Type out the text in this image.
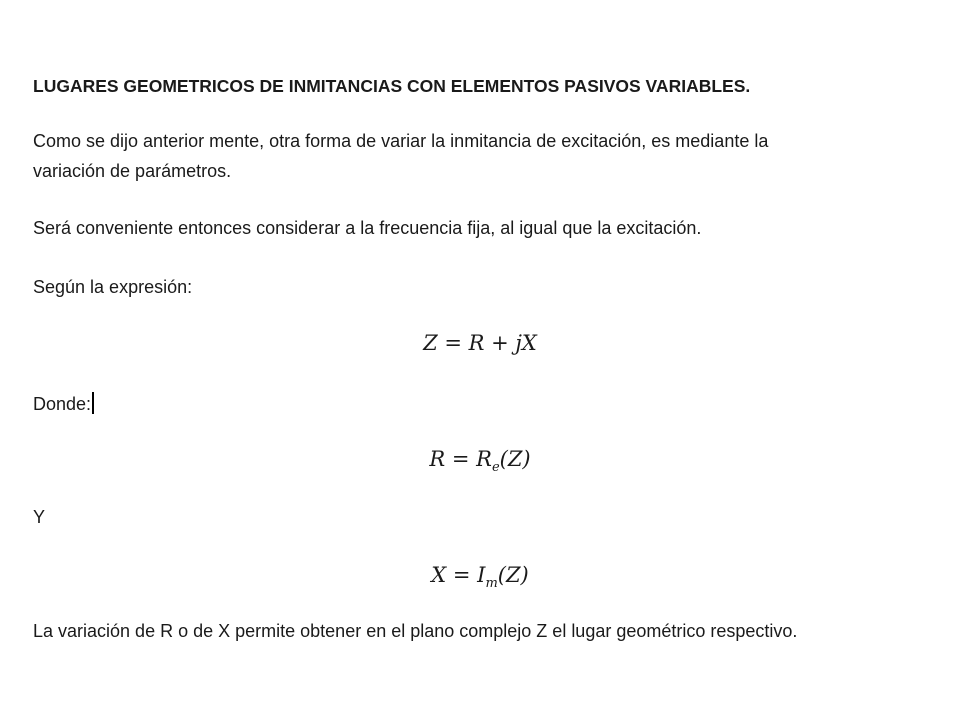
LUGARES GEOMETRICOS DE INMITANCIAS CON ELEMENTOS PASIVOS VARIABLES.
Como se dijo anterior mente, otra forma de variar la inmitancia de excitación, es mediante la
variación de parámetros.
Será conveniente entonces considerar a la frecuencia fija, al igual que la excitación.
Según la expresión:
Z = R + jX
Donde:
$R = R_e(Z)$
Y
$X = I_m(Z)$
La variación de R o de X permite obtener en el plano complejo Z el lugar geométrico respectivo.
